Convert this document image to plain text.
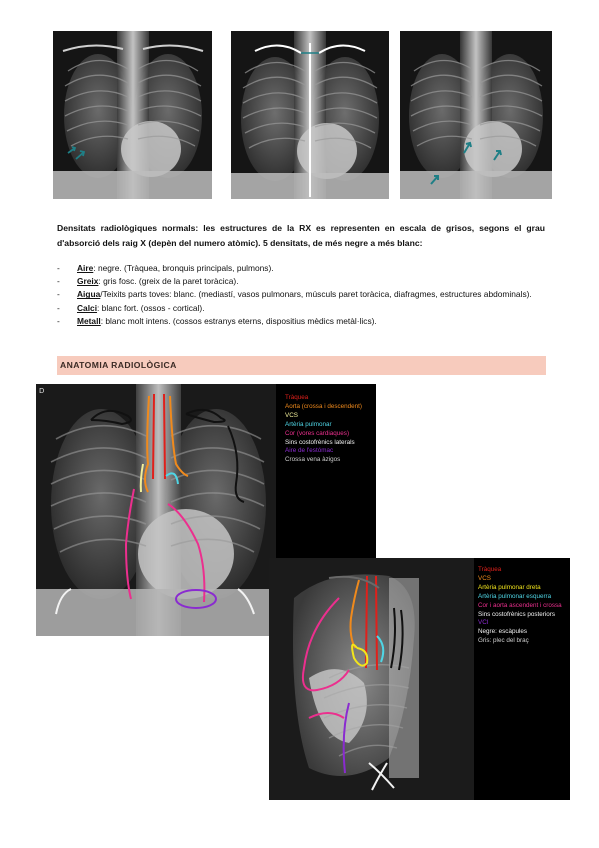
Densitats radiològiques normals: les estructures de la RX es representen en escala de grisos, segons el grau d'absorció dels raig X (depèn del numero atòmic). 5 densitats, de més negre a més blanc:
- Aire: negre. (Tràquea, bronquis principals, pulmons).
- Greix: gris fosc. (greix de la paret toràcica).
- Aigua/Teixits parts toves: blanc. (mediastí, vasos pulmonars, músculs paret toràcica, diafragmes, estructures abdominals).
- Calci: blanc fort. (ossos - cortical).
- Metall: blanc molt intens. (cossos estranys eterns, dispositius mèdics metàl·lics).
ANATOMIA RADIOLÒGICA
D
Tràquea
Aorta (crossa i descendent)
VCS
Artèria pulmonar
Cor (vores cardiaques)
Sins costofrènics laterals
Aire de l'estómac
Crossa vena àzigos
Tràquea
VCS
Artèria pulmonar dreta
Artèria pulmonar esquerra
Cor i aorta ascendent i crossa
Sins costofrènics posteriors
VCI
Negre: escàpules
Gris: plec del braç
